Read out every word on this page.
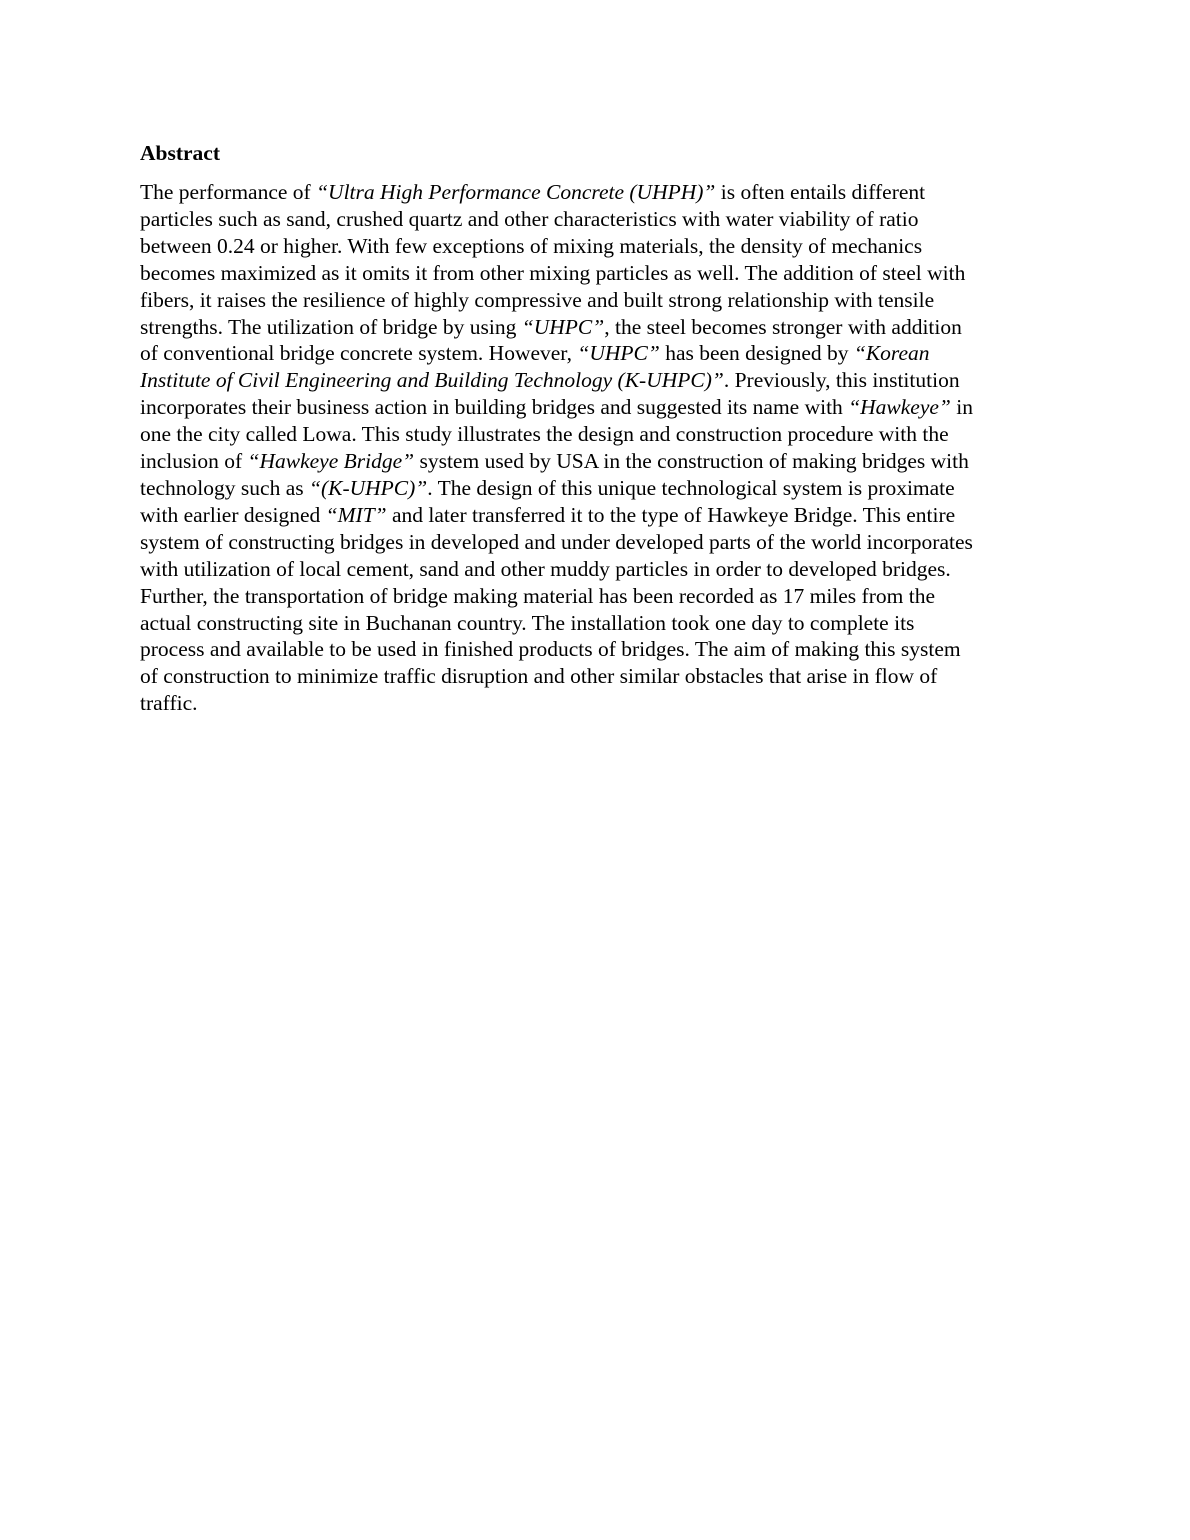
Abstract
The performance of “Ultra High Performance Concrete (UHPH)” is often entails different
particles such as sand, crushed quartz and other characteristics with water viability of ratio
between 0.24 or higher. With few exceptions of mixing materials, the density of mechanics
becomes maximized as it omits it from other mixing particles as well. The addition of steel with
fibers, it raises the resilience of highly compressive and built strong relationship with tensile
strengths. The utilization of bridge by using “UHPC”, the steel becomes stronger with addition
of conventional bridge concrete system. However, “UHPC” has been designed by “Korean
Institute of Civil Engineering and Building Technology (K-UHPC)”. Previously, this institution
incorporates their business action in building bridges and suggested its name with “Hawkeye” in
one the city called Lowa. This study illustrates the design and construction procedure with the
inclusion of “Hawkeye Bridge” system used by USA in the construction of making bridges with
technology such as “(K-UHPC)”. The design of this unique technological system is proximate
with earlier designed “MIT” and later transferred it to the type of Hawkeye Bridge. This entire
system of constructing bridges in developed and under developed parts of the world incorporates
with utilization of local cement, sand and other muddy particles in order to developed bridges.
Further, the transportation of bridge making material has been recorded as 17 miles from the
actual constructing site in Buchanan country. The installation took one day to complete its
process and available to be used in finished products of bridges. The aim of making this system
of construction to minimize traffic disruption and other similar obstacles that arise in flow of
traffic.
